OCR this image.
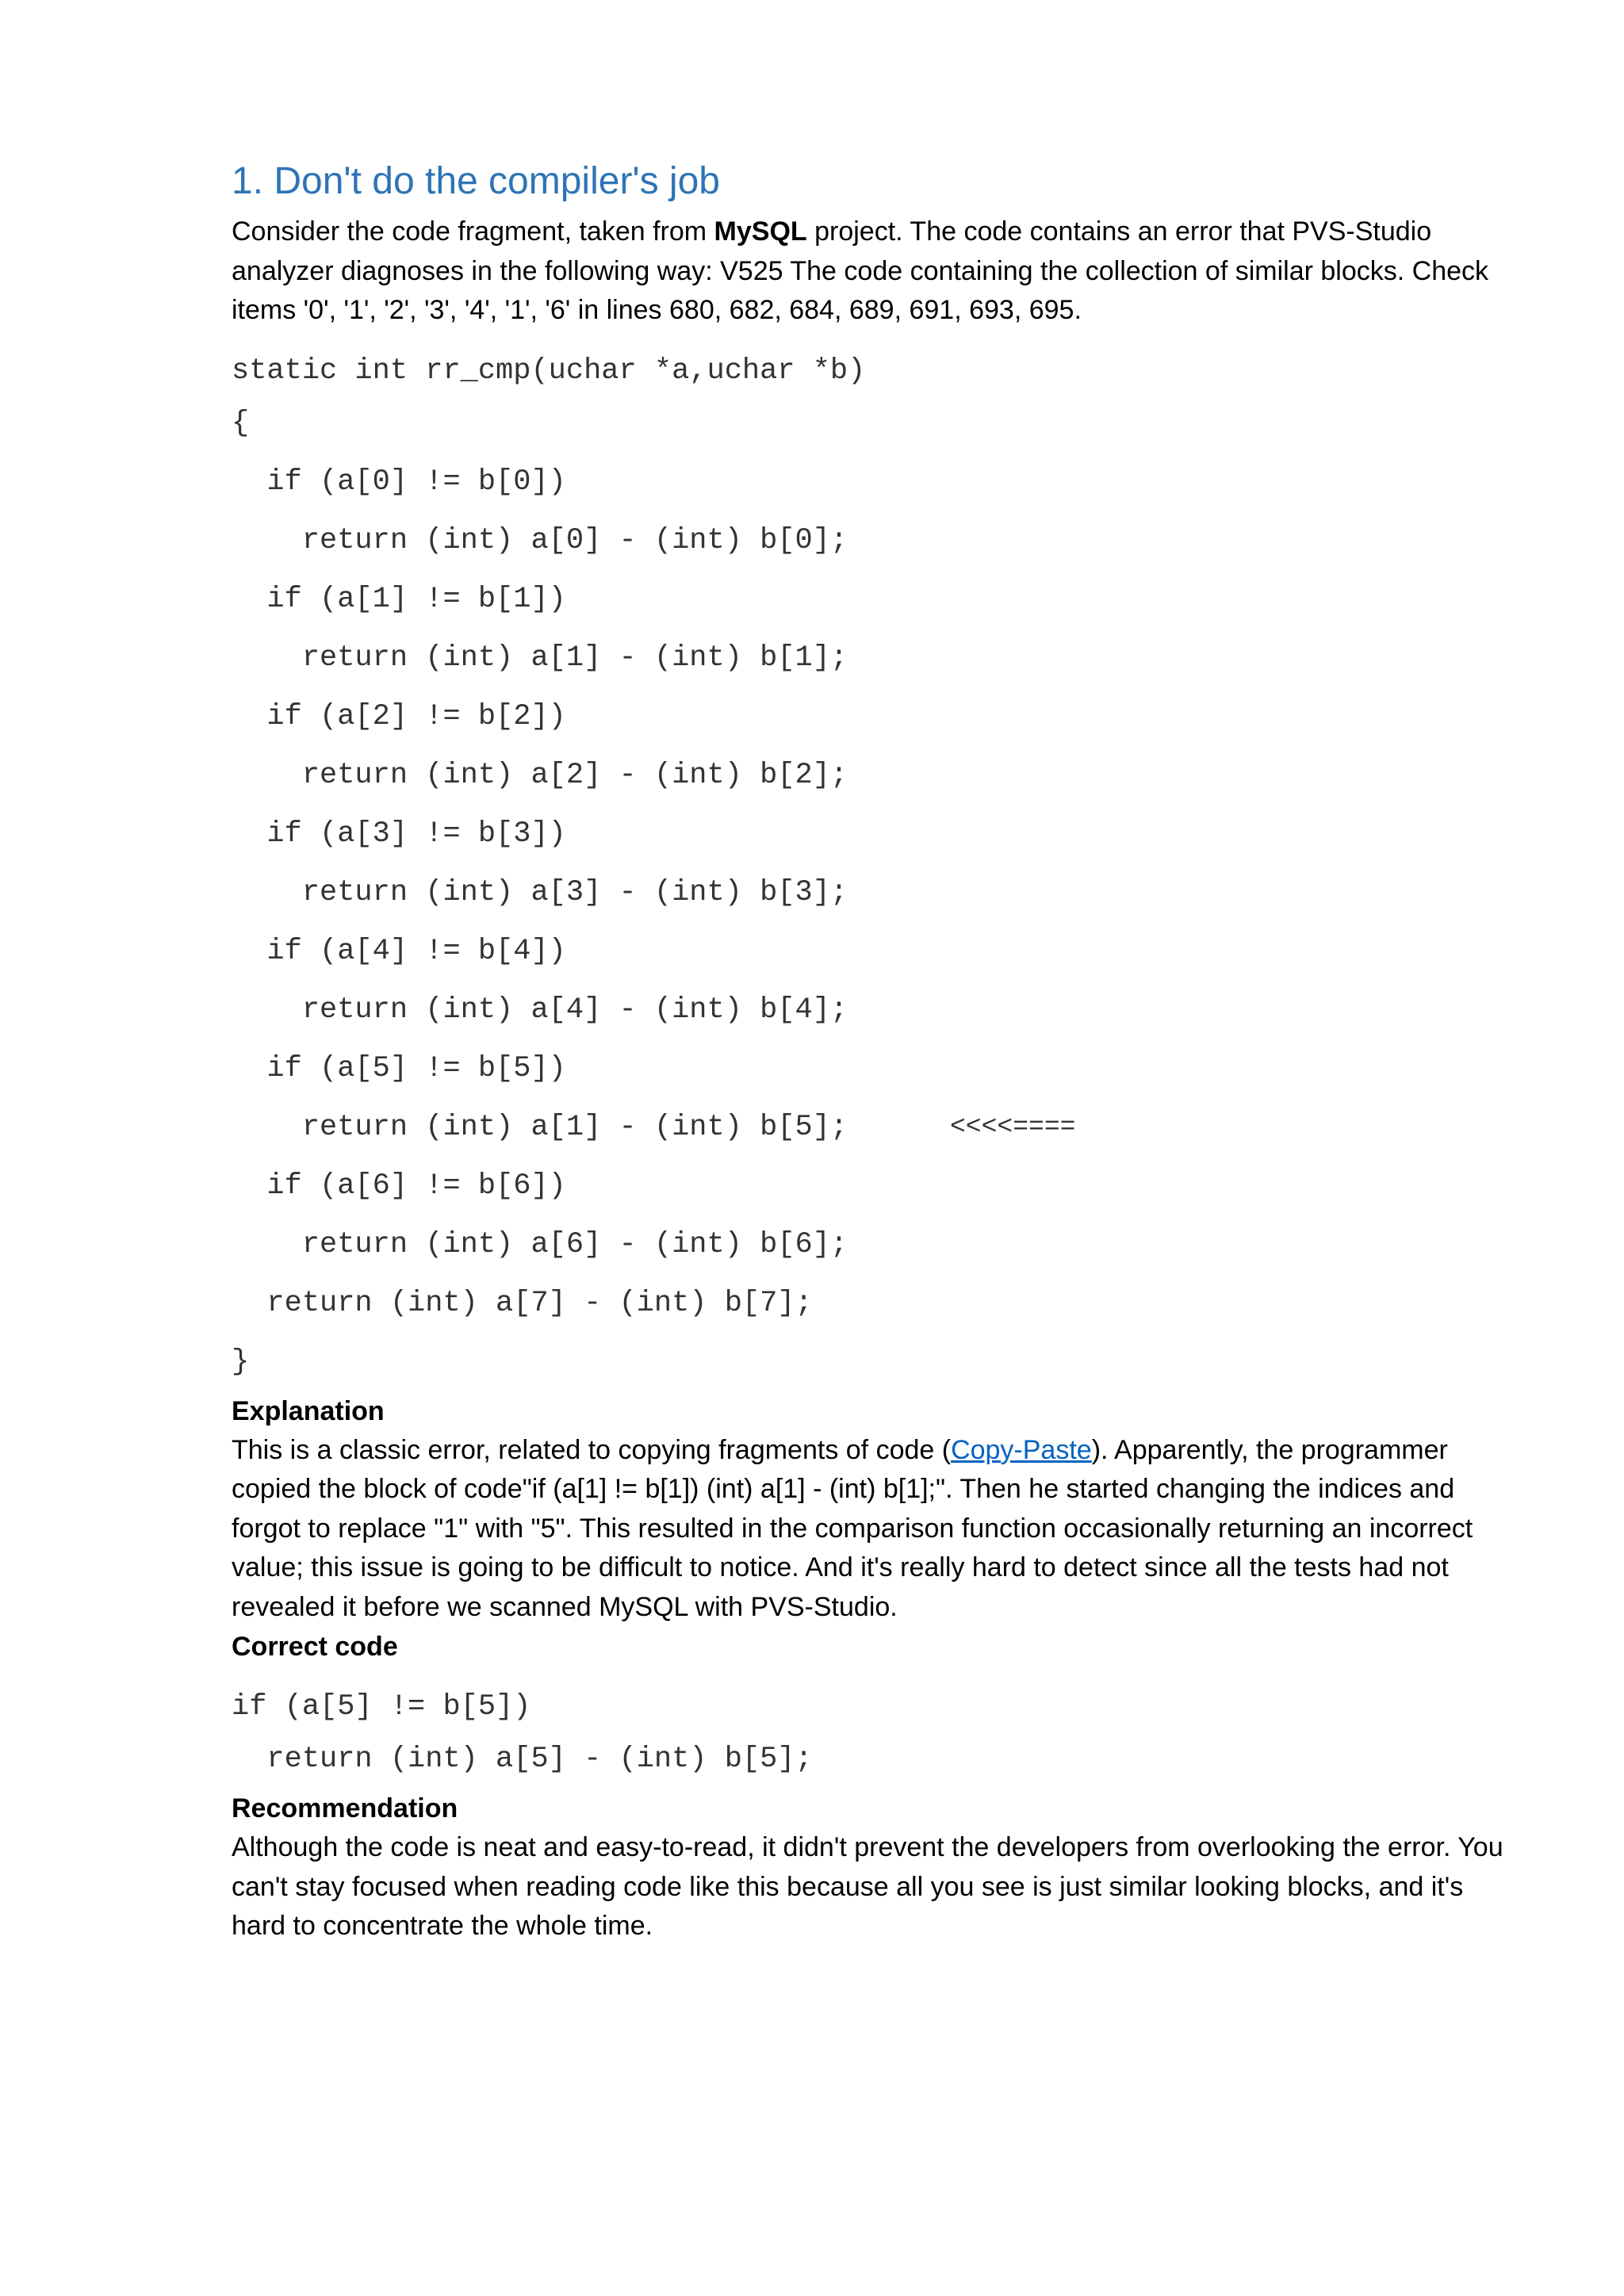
1. Don't do the compiler's job

Consider the code fragment, taken from MySQL project. The code contains an error that PVS-Studio analyzer diagnoses in the following way: V525 The code containing the collection of similar blocks. Check items '0', '1', '2', '3', '4', '1', '6' in lines 680, 682, 684, 689, 691, 693, 695.

static int rr_cmp(uchar *a,uchar *b)
{
if (a[0] != b[0])
return (int) a[0] - (int) b[0];
if (a[1] != b[1])
return (int) a[1] - (int) b[1];
if (a[2] != b[2])
return (int) a[2] - (int) b[2];
if (a[3] != b[3])
return (int) a[3] - (int) b[3];
if (a[4] != b[4])
return (int) a[4] - (int) b[4];
if (a[5] != b[5])
return (int) a[1] - (int) b[5];	<<<<====
if (a[6] != b[6])
return (int) a[6] - (int) b[6];
return (int) a[7] - (int) b[7];
}
Explanation

This is a classic error, related to copying fragments of code (Copy-Paste). Apparently, the programmer copied the block of code"if (a[1] != b[1]) (int) a[1] - (int) b[1];". Then he started changing the indices and forgot to replace "1" with "5". This resulted in the comparison function occasionally returning an incorrect value; this issue is going to be difficult to notice. And it's really hard to detect since all the tests had not revealed it before we scanned MySQL with PVS-Studio.

Correct code
if (a[5] != b[5])
return (int) a[5] - (int) b[5];
Recommendation

Although the code is neat and easy-to-read, it didn't prevent the developers from overlooking the error. You can't stay focused when reading code like this because all you see is just similar looking blocks, and it's hard to concentrate the whole time.
